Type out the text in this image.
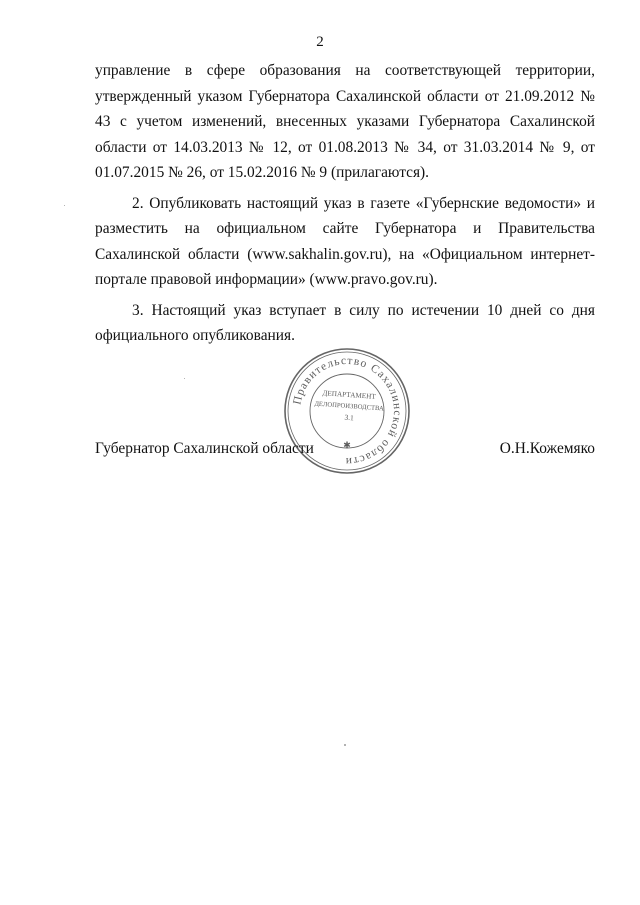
2

управление в сфере образования на соответствующей территории, утвержденный указом Губернатора Сахалинской области от 21.09.2012 № 43 с учетом изменений, внесенных указами Губернатора Сахалинской области от 14.03.2013 № 12, от 01.08.2013 № 34, от 31.03.2014 № 9, от 01.07.2015 № 26, от 15.02.2016 № 9 (прилагаются).

2. Опубликовать настоящий указ в газете «Губернские ведомости» и разместить на официальном сайте Губернатора и Правительства Сахалинской области (www.sakhalin.gov.ru), на «Официальном интернет-портале правовой информации» (www.pravo.gov.ru).

3. Настоящий указ вступает в силу по истечении 10 дней со дня официального опубликования.

Правительство Сахалинской области
✱
ДЕПАРТАМЕНТ
ДЕЛОПРОИЗВОДСТВА
3.1
Губернатор Сахалинской области	О.Н.Кожемяко
